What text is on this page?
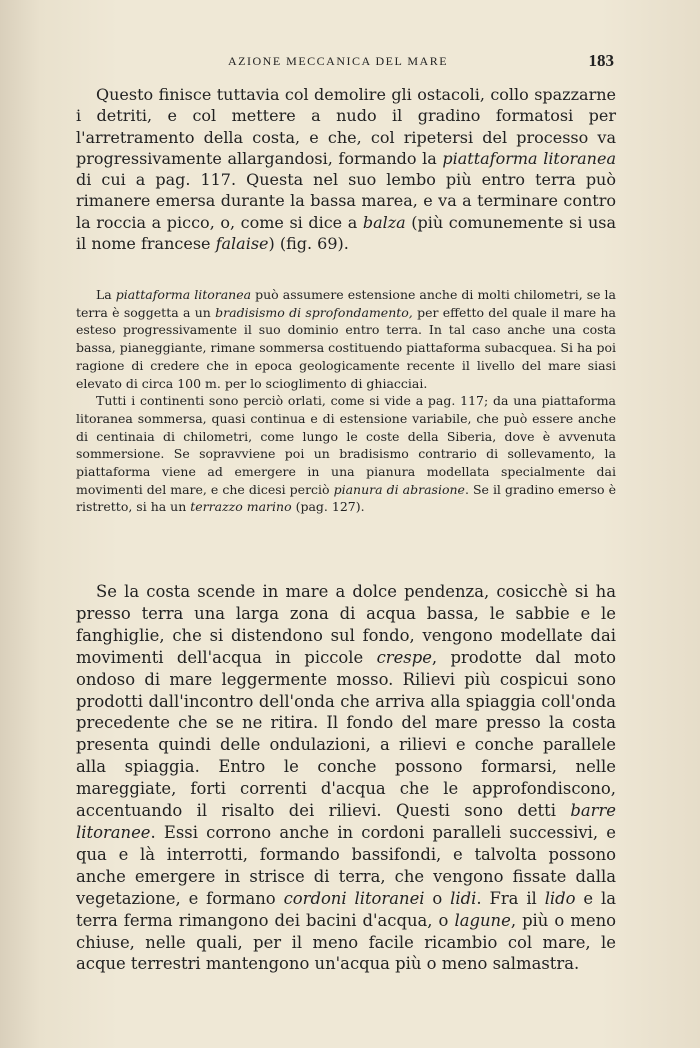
AZIONE MECCANICA DEL MARE	183
Questo finisce tuttavia col demolire gli ostacoli, collo spazzarne i detriti, e col mettere a nudo il gradino formatosi per l'arretramento della costa, e che, col ripetersi del processo va progressivamente allargandosi, formando la piattaforma litoranea di cui a pag. 117. Questa nel suo lembo più entro terra può rimanere emersa durante la bassa marea, e va a terminare contro la roccia a picco, o, come si dice a balza (più comunemente si usa il nome francese falaise) (fig. 69).

La piattaforma litoranea può assumere estensione anche di molti chilometri, se la terra è soggetta a un bradisismo di sprofondamento, per effetto del quale il mare ha esteso progressivamente il suo dominio entro terra. In tal caso anche una costa bassa, pianeggiante, rimane sommersa costituendo piattaforma subacquea. Si ha poi ragione di credere che in epoca geologicamente recente il livello del mare siasi elevato di circa 100 m. per lo scioglimento di ghiacciai.

Tutti i continenti sono perciò orlati, come si vide a pag. 117; da una piattaforma litoranea sommersa, quasi continua e di estensione variabile, che può essere anche di centinaia di chilometri, come lungo le coste della Siberia, dove è avvenuta sommersione. Se sopravviene poi un bradisismo contrario di sollevamento, la piattaforma viene ad emergere in una pianura modellata specialmente dai movimenti del mare, e che dicesi perciò pianura di abrasione. Se il gradino emerso è ristretto, si ha un terrazzo marino (pag. 127).

Se la costa scende in mare a dolce pendenza, cosicchè si ha presso terra una larga zona di acqua bassa, le sabbie e le fanghiglie, che si distendono sul fondo, vengono modellate dai movimenti dell'acqua in piccole crespe, prodotte dal moto ondoso di mare leggermente mosso. Rilievi più cospicui sono prodotti dall'incontro dell'onda che arriva alla spiaggia coll'onda precedente che se ne ritira. Il fondo del mare presso la costa presenta quindi delle ondulazioni, a rilievi e conche parallele alla spiaggia. Entro le conche possono formarsi, nelle mareggiate, forti correnti d'acqua che le approfondiscono, accentuando il risalto dei rilievi. Questi sono detti barre litoranee. Essi corrono anche in cordoni paralleli successivi, e qua e là interrotti, formando bassifondi, e talvolta possono anche emergere in strisce di terra, che vengono fissate dalla vegetazione, e formano cordoni litoranei o lidi. Fra il lido e la terra ferma rimangono dei bacini d'acqua, o lagune, più o meno chiuse, nelle quali, per il meno facile ricambio col mare, le acque terrestri mantengono un'acqua più o meno salmastra.
